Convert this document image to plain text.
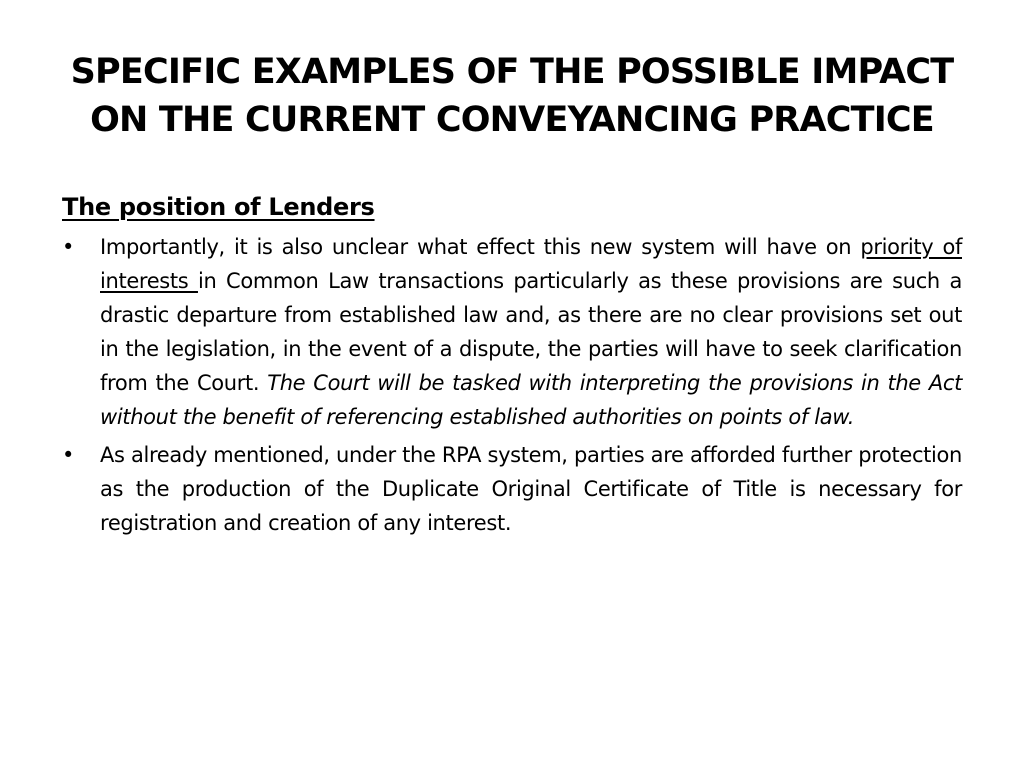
SPECIFIC EXAMPLES OF THE POSSIBLE IMPACT
ON THE CURRENT CONVEYANCING PRACTICE
The position of Lenders
•	Importantly, it is also unclear what effect this new system will have on priority of interests in Common Law transactions particularly as these provisions are such a drastic departure from established law and, as there are no clear provisions set out in the legislation, in the event of a dispute, the parties will have to seek clarification from the Court. The Court will be tasked with interpreting the provisions in the Act without the benefit of referencing established authorities on points of law.
•	As already mentioned, under the RPA system, parties are afforded further protection as the production of the Duplicate Original Certificate of Title is necessary for registration and creation of any interest.
